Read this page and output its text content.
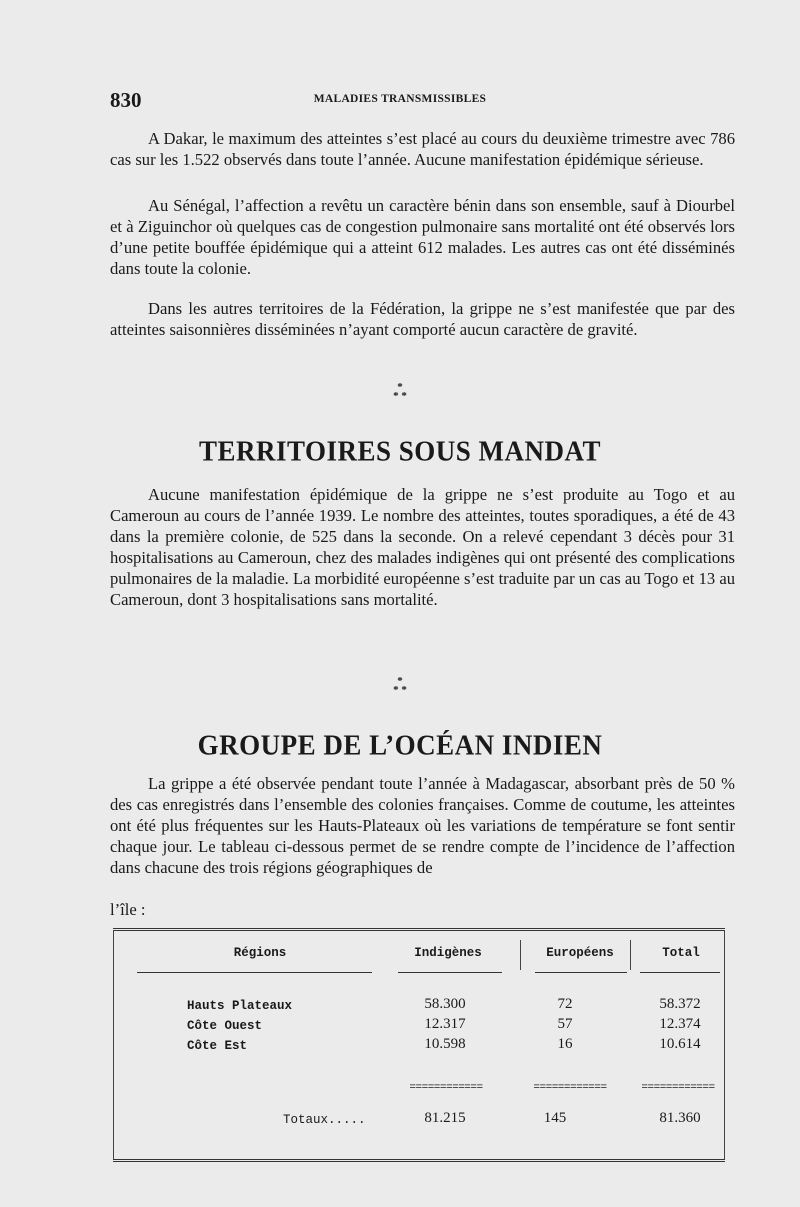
830	MALADIES TRANSMISSIBLES

A Dakar, le maximum des atteintes s’est placé au cours du deuxième trimestre avec 786 cas sur les 1.522 observés dans toute l’année. Aucune manifestation épidémique sérieuse.

Au Sénégal, l’affection a revêtu un caractère bénin dans son ensemble, sauf à Diourbel et à Ziguinchor où quelques cas de congestion pulmonaire sans mortalité ont été observés lors d’une petite bouffée épidémique qui a atteint 612 malades. Les autres cas ont été disséminés dans toute la colonie.

Dans les autres territoires de la Fédération, la grippe ne s’est manifestée que par des atteintes saisonnières disséminées n’ayant comporté aucun caractère de gravité.

*
* *
TERRITOIRES SOUS MANDAT

Aucune manifestation épidémique de la grippe ne s’est produite au Togo et au Cameroun au cours de l’année 1939. Le nombre des atteintes, toutes sporadiques, a été de 43 dans la première colonie, de 525 dans la seconde. On a relevé cependant 3 décès pour 31 hospitalisations au Cameroun, chez des malades indigènes qui ont présenté des complications pulmonaires de la maladie. La morbidité européenne s’est traduite par un cas au Togo et 13 au Cameroun, dont 3 hospitalisations sans mortalité.

*
* *
GROUPE DE L’OCÉAN INDIEN

La grippe a été observée pendant toute l’année à Madagascar, absorbant près de 50 % des cas enregistrés dans l’ensemble des colonies françaises. Comme de coutume, les atteintes ont été plus fréquentes sur les Hauts-Plateaux où les variations de température se font sentir chaque jour. Le tableau ci-dessous permet de se rendre compte de l’incidence de l’affection dans chacune des trois régions géographiques de

l’île :
Régions	Indigènes	Européens	Total
Hauts Plateaux	58.300	72	58.372
Côte Ouest	12.317	57	12.374
Côte Est	10.598	16	10.614
============	============	============
Totaux.....	81.215	145	81.360
